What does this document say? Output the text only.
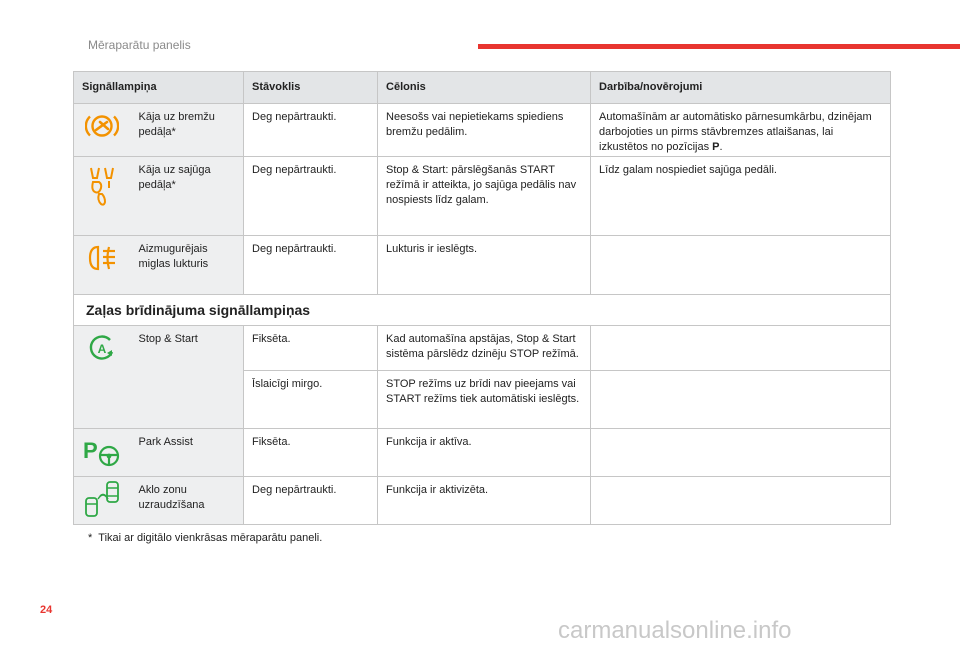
Mēraparātu panelis
Signāllampiņa		Stāvoklis	Cēlonis	Darbība/novērojumi

	Kāja uz bremžu pedāļa*	Deg nepārtraukti.	Neesošs vai nepietiekams spiediens bremžu pedālim.	Automašīnām ar automātisko pārnesumkārbu, dzinējam darbojoties un pirms stāvbremzes atlaišanas, lai izkustētos no pozīcijas P.

	Kāja uz sajūga pedāļa*	Deg nepārtraukti.	Stop & Start: pārslēgšanās START režīmā ir atteikta, jo sajūga pedālis nav nospiests līdz galam.	Līdz galam nospiediet sajūga pedāli.

	Aizmugurējais miglas lukturis	Deg nepārtraukti.	Lukturis ir ieslēgts.	
Zaļas brīdinājuma signāllampiņas				

A	Stop & Start	Fiksēta.	Kad automašīna apstājas, Stop & Start sistēma pārslēdz dzinēju STOP režīmā.	
		Īslaicīgi mirgo.	STOP režīms uz brīdi nav pieejams vai START režīms tiek automātiski ieslēgts.	

P	Park Assist	Fiksēta.	Funkcija ir aktīva.	

	Aklo zonu uzraudzīšana	Deg nepārtraukti.	Funkcija ir aktivizēta.	
* Tikai ar digitālo vienkrāsas mēraparātu paneli.
24
carmanualsonline.info
